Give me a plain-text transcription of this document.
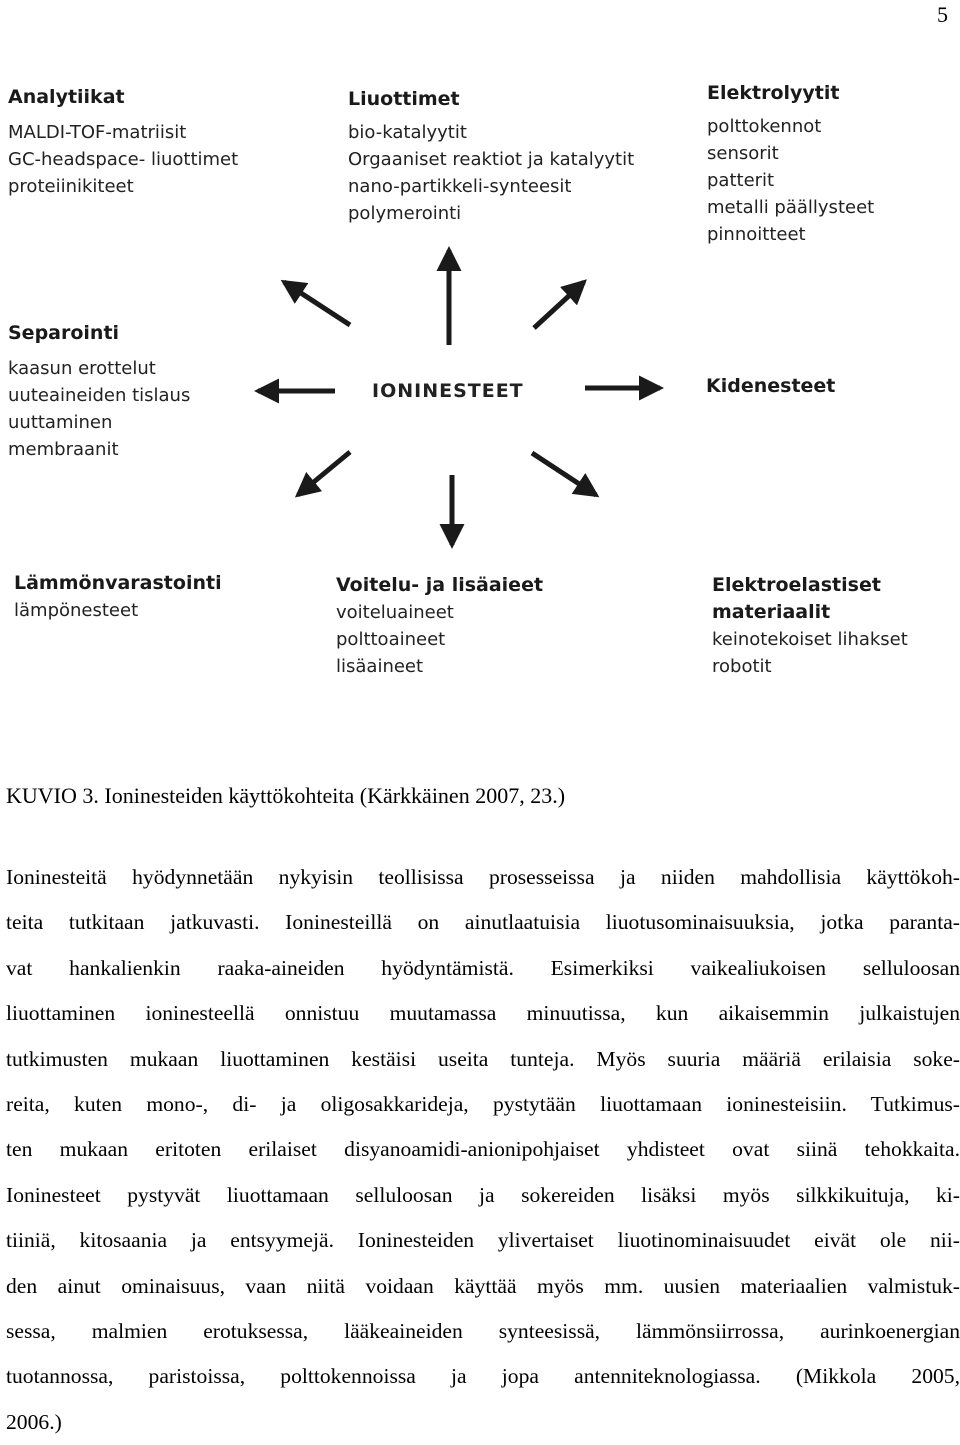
5
IONINESTEET
Analytiikat
MALDI-TOF-matriisit
GC-headspace- liuottimet
proteiinikiteet
Liuottimet
bio-katalyytit
Orgaaniset reaktiot ja katalyytit
nano-partikkeli-synteesit
polymerointi
Elektrolyytit
polttokennot
sensorit
patterit
metalli päällysteet
pinnoitteet
Separointi
kaasun erottelut
uuteaineiden tislaus
uuttaminen
membraanit
Kidenesteet
Lämmönvarastointi
lämpönesteet
Voitelu- ja lisäaieet
voiteluaineet
polttoaineet
lisäaineet
Elektroelastiset
materiaalit
keinotekoiset lihakset
robotit
KUVIO 3. Ioninesteiden käyttökohteita (Kärkkäinen 2007, 23.)
Ioninesteitä hyödynnetään nykyisin teollisissa prosesseissa ja niiden mahdollisia käyttökoh-
teita tutkitaan jatkuvasti. Ioninesteillä on ainutlaatuisia liuotusominaisuuksia, jotka paranta-
vat hankalienkin raaka-aineiden hyödyntämistä. Esimerkiksi vaikealiukoisen selluloosan
liuottaminen ioninesteellä onnistuu muutamassa minuutissa, kun aikaisemmin julkaistujen
tutkimusten mukaan liuottaminen kestäisi useita tunteja. Myös suuria määriä erilaisia soke-
reita, kuten mono-, di- ja oligosakkarideja, pystytään liuottamaan ioninesteisiin. Tutkimus-
ten mukaan eritoten erilaiset disyanoamidi-anionipohjaiset yhdisteet ovat siinä tehokkaita.
Ioninesteet pystyvät liuottamaan selluloosan ja sokereiden lisäksi myös silkkikuituja, ki-
tiiniä, kitosaania ja entsyymejä. Ioninesteiden ylivertaiset liuotinominaisuudet eivät ole nii-
den ainut ominaisuus, vaan niitä voidaan käyttää myös mm. uusien materiaalien valmistuk-
sessa, malmien erotuksessa, lääkeaineiden synteesissä, lämmönsiirrossa, aurinkoenergian
tuotannossa, paristoissa, polttokennoissa ja jopa antenniteknologiassa. (Mikkola 2005,
2006.)
